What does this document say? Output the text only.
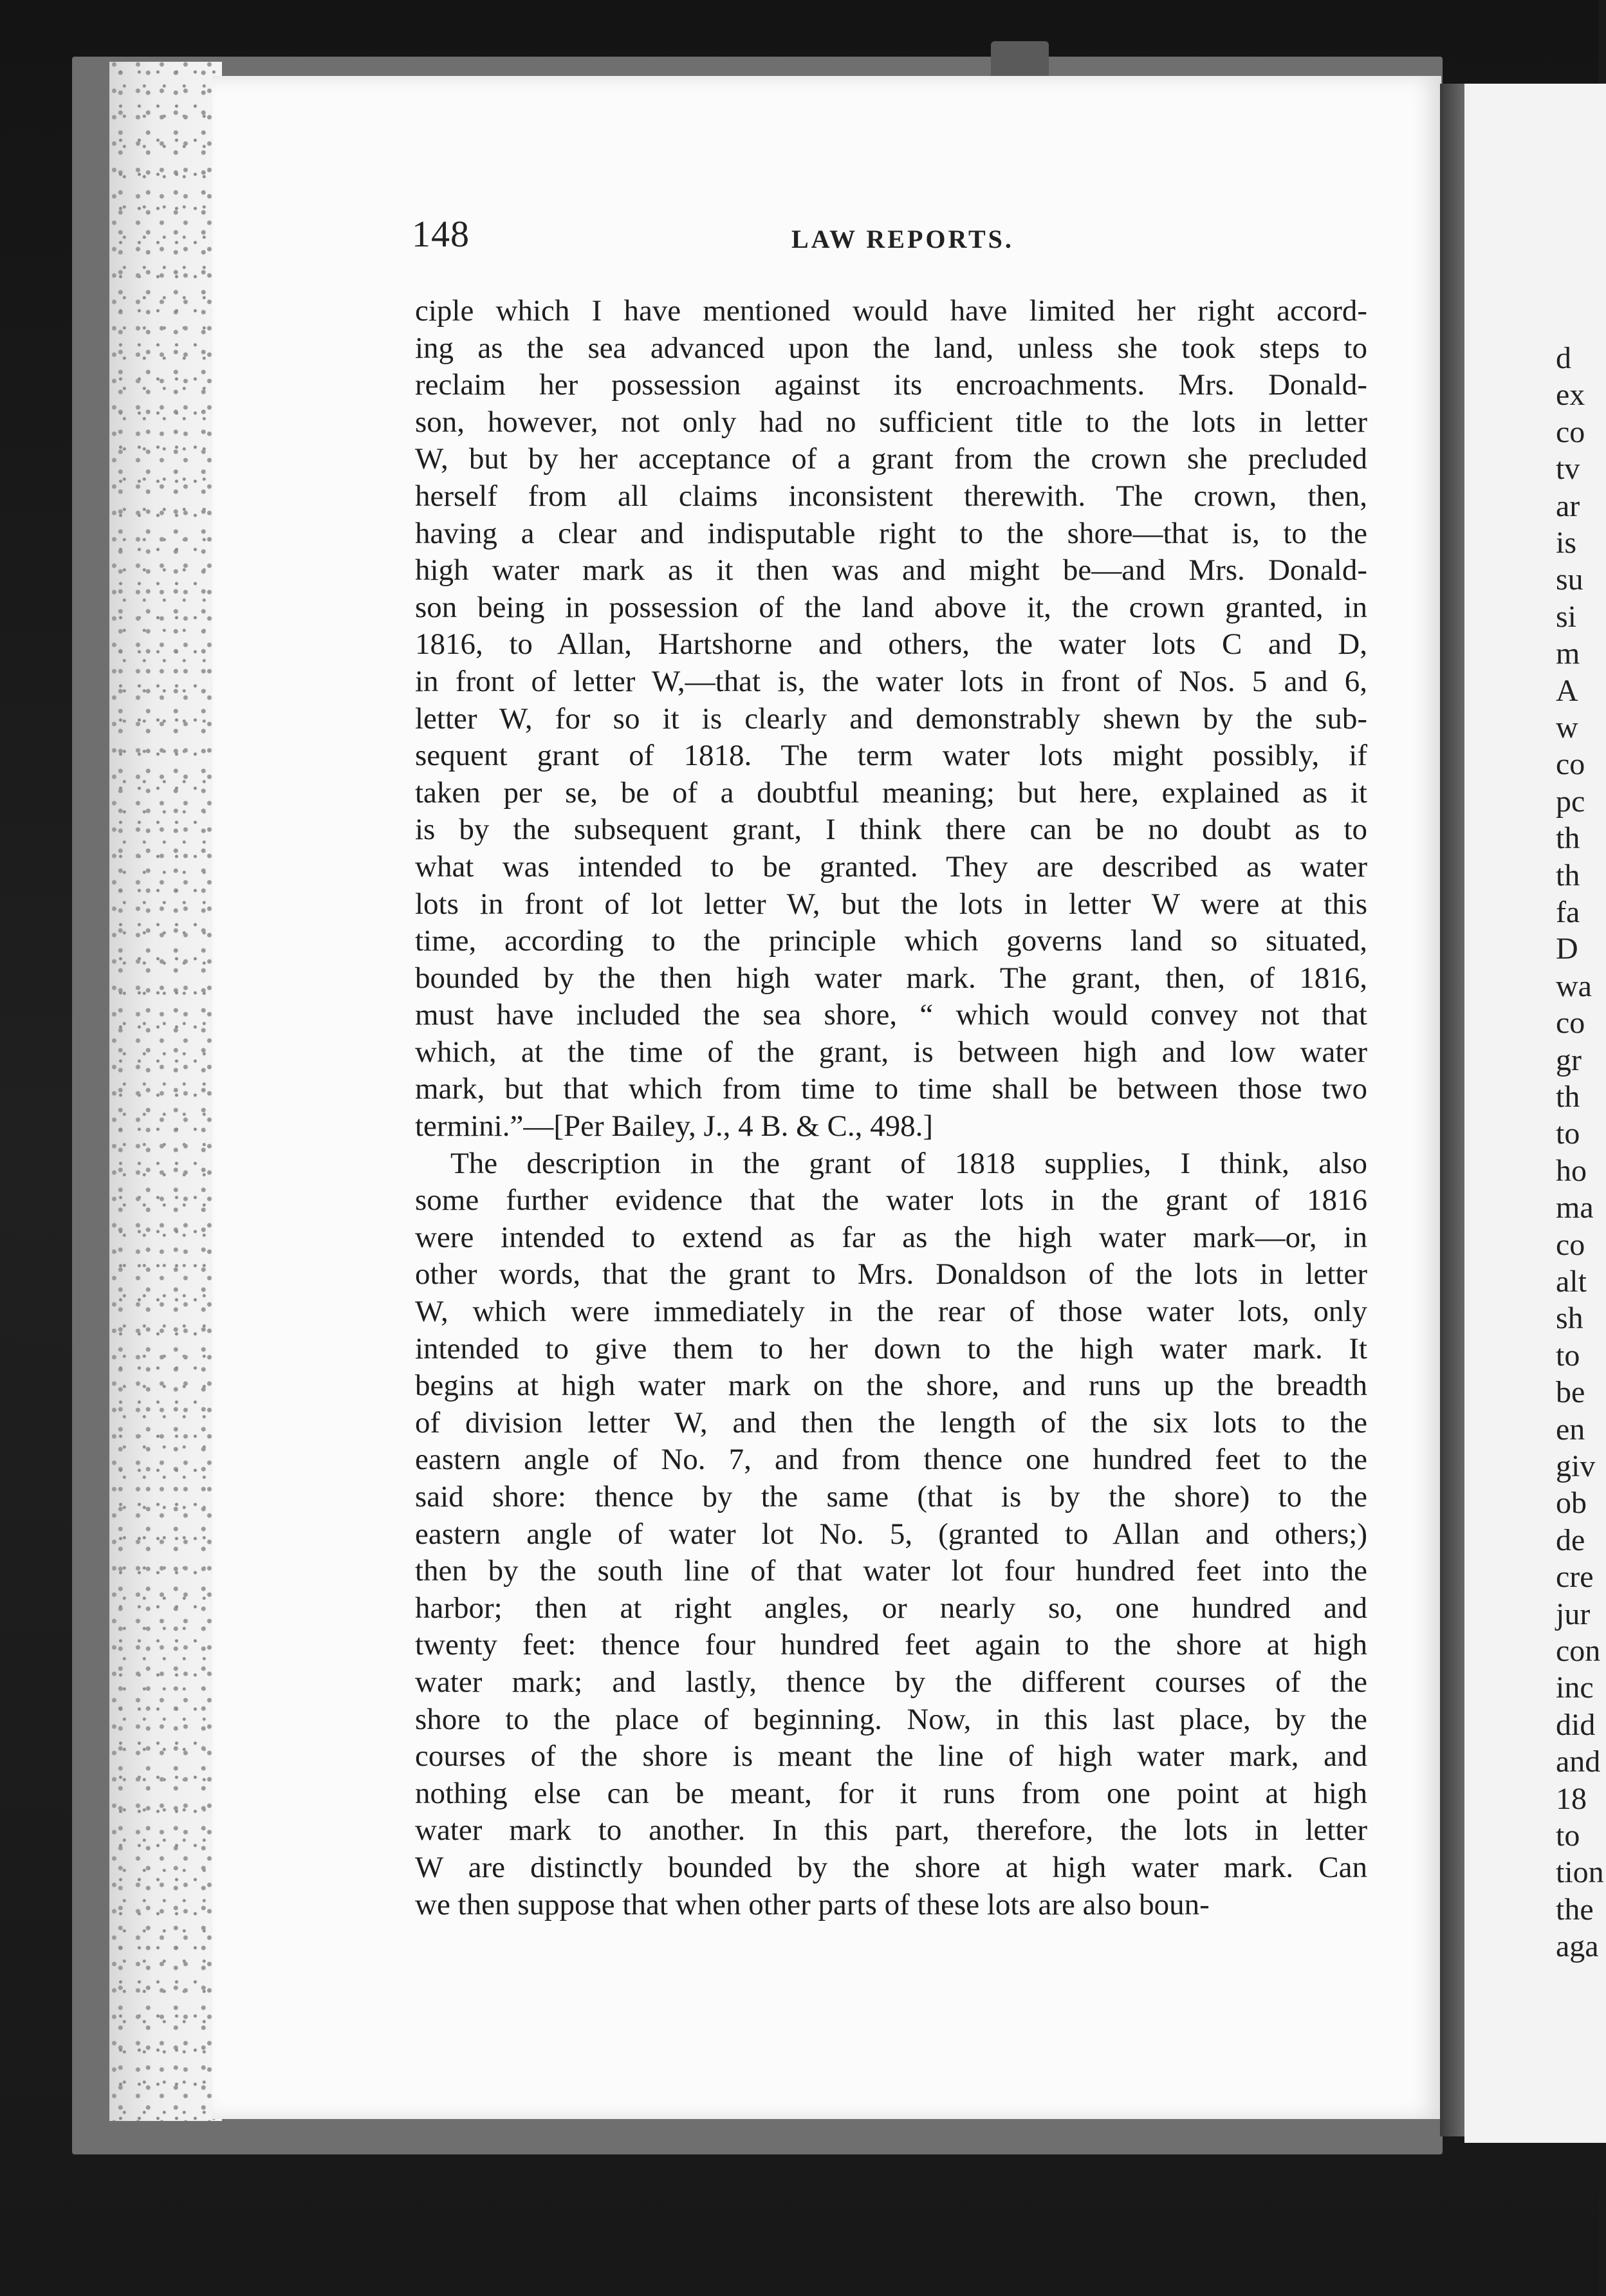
d
ex
co
tv
ar
is
su
si
m
A
w
co
pc
th
th
fa
D
wa
co
gr
th
to
ho
ma
co
alt
sh
to
be
en
giv
ob
de
cre
jur
con
inc
did
and
18
to
tion
the
aga
148	LAW REPORTS.
ciple which I have mentioned would have limited her right accord-
ing as the sea advanced upon the land, unless she took steps to
reclaim her possession against its encroachments. Mrs. Donald-
son, however, not only had no sufficient title to the lots in letter
W, but by her acceptance of a grant from the crown she precluded
herself from all claims inconsistent therewith. The crown, then,
having a clear and indisputable right to the shore—that is, to the
high water mark as it then was and might be—and Mrs. Donald-
son being in possession of the land above it, the crown granted, in
1816, to Allan, Hartshorne and others, the water lots C and D,
in front of letter W,—that is, the water lots in front of Nos. 5 and 6,
letter W, for so it is clearly and demonstrably shewn by the sub-
sequent grant of 1818. The term water lots might possibly, if
taken per se, be of a doubtful meaning; but here, explained as it
is by the subsequent grant, I think there can be no doubt as to
what was intended to be granted. They are described as water
lots in front of lot letter W, but the lots in letter W were at this
time, according to the principle which governs land so situated,
bounded by the then high water mark. The grant, then, of 1816,
must have included the sea shore, “ which would convey not that
which, at the time of the grant, is between high and low water
mark, but that which from time to time shall be between those two
termini.”—[Per Bailey, J., 4 B. & C., 498.]
The description in the grant of 1818 supplies, I think, also
some further evidence that the water lots in the grant of 1816
were intended to extend as far as the high water mark—or, in
other words, that the grant to Mrs. Donaldson of the lots in letter
W, which were immediately in the rear of those water lots, only
intended to give them to her down to the high water mark. It
begins at high water mark on the shore, and runs up the breadth
of division letter W, and then the length of the six lots to the
eastern angle of No. 7, and from thence one hundred feet to the
said shore: thence by the same (that is by the shore) to the
eastern angle of water lot No. 5, (granted to Allan and others;)
then by the south line of that water lot four hundred feet into the
harbor; then at right angles, or nearly so, one hundred and
twenty feet: thence four hundred feet again to the shore at high
water mark; and lastly, thence by the different courses of the
shore to the place of beginning. Now, in this last place, by the
courses of the shore is meant the line of high water mark, and
nothing else can be meant, for it runs from one point at high
water mark to another. In this part, therefore, the lots in letter
W are distinctly bounded by the shore at high water mark. Can
we then suppose that when other parts of these lots are also boun-
